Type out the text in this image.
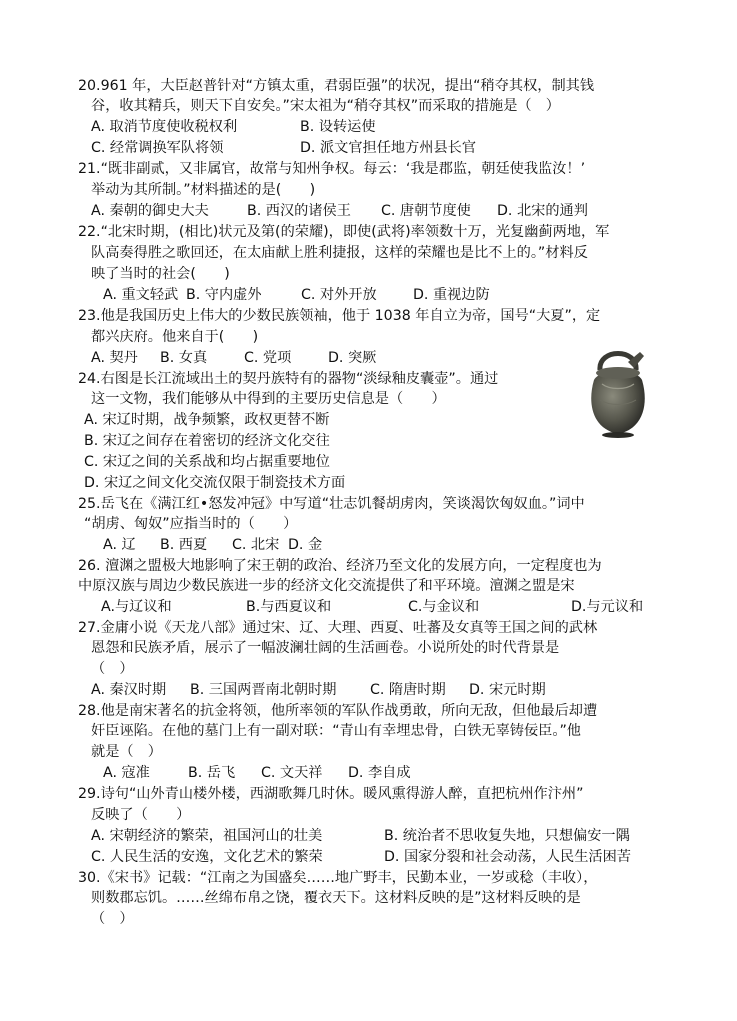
20.961 年，大臣赵普针对“方镇太重，君弱臣强”的状况，提出“稍夺其权，制其钱
谷，收其精兵，则天下自安矣。”宋太祖为“稍夺其权”而采取的措施是（　）
A. 取消节度使收税权利	B. 设转运使
C. 经常调换军队将领	D. 派文官担任地方州县长官
21.“既非副贰，又非属官，故常与知州争权。每云：‘我是郡监，朝廷使我监汝！’
举动为其所制。”材料描述的是(　　)
A. 秦朝的御史大夫	B. 西汉的诸侯王 C. 唐朝节度使 D. 北宋的通判
22.“北宋时期，(相比)状元及第(的荣耀)，即使(武将)率领数十万，光复幽蓟两地，军
队高奏得胜之歌回还，在太庙献上胜利捷报，这样的荣耀也是比不上的。”材料反
映了当时的社会(　　)
A. 重文轻武 B. 守内虚外	C. 对外开放	D. 重视边防
23.他是我国历史上伟大的少数民族领袖，他于 1038 年自立为帝，国号“大夏”，定
都兴庆府。他来自于(　　)
A. 契丹 B. 女真	C. 党项	D. 突厥
24.右图是长江流域出土的契丹族特有的器物“淡绿釉皮囊壶”。通过
这一文物，我们能够从中得到的主要历史信息是（　　）
A. 宋辽时期，战争频繁，政权更替不断
B. 宋辽之间存在着密切的经济文化交往
C. 宋辽之间的关系战和均占据重要地位
D. 宋辽之间文化交流仅限于制瓷技术方面
25.岳飞在《满江红•怒发冲冠》中写道“壮志饥餐胡虏肉，笑谈渴饮匈奴血。”词中
“胡虏、匈奴”应指当时的（　　）
A. 辽 B. 西夏 C. 北宋 D. 金
26. 澶渊之盟极大地影响了宋王朝的政治、经济乃至文化的发展方向，一定程度也为
中原汉族与周边少数民族进一步的经济文化交流提供了和平环境。澶渊之盟是宋
A.与辽议和	B.与西夏议和	C.与金议和	D.与元议和
27.金庸小说《天龙八部》通过宋、辽、大理、西夏、吐蕃及女真等王国之间的武林
恩怨和民族矛盾，展示了一幅波澜壮阔的生活画卷。小说所处的时代背景是
（　）
A. 秦汉时期 B. 三国两晋南北朝时期 C. 隋唐时期 D. 宋元时期
28.他是南宋著名的抗金将领，他所率领的军队作战勇敢，所向无敌，但他最后却遭
奸臣诬陷。在他的墓门上有一副对联：“青山有幸埋忠骨，白铁无辜铸佞臣。”他
就是（　）
A. 寇准	B. 岳飞 C. 文天祥 D. 李自成
29.诗句“山外青山楼外楼，西湖歌舞几时休。暖风熏得游人醉，直把杭州作汴州”
反映了（　　）
A. 宋朝经济的繁荣，祖国河山的壮美	B. 统治者不思收复失地，只想偏安一隅
C. 人民生活的安逸，文化艺术的繁荣	D. 国家分裂和社会动荡，人民生活困苦
30.《宋书》记载：“江南之为国盛矣……地广野丰，民勤本业，一岁或稔（丰收），
则数郡忘饥。……丝绵布帛之饶，覆衣天下。这材料反映的是”这材料反映的是
（　）
